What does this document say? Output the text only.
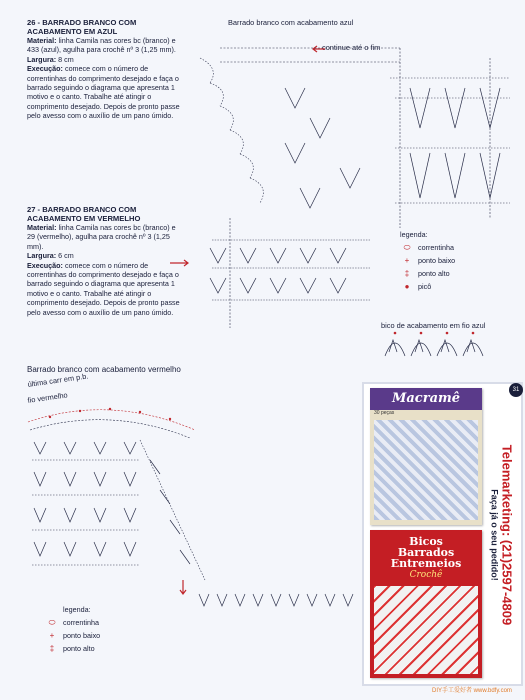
26 - BARRADO BRANCO COM
ACABAMENTO EM AZUL
Material: linha Camila nas cores bc (branco) e 433 (azul), agulha para crochê nº 3 (1,25 mm).
Largura: 8 cm
Execução: comece com o número de correntinhas do comprimento desejado e faça o barrado seguindo o diagrama que apresenta 1 motivo e o canto. Trabalhe até atingir o comprimento desejado. Depois de pronto passe pelo avesso com o auxílio de um pano úmido.
27 - BARRADO BRANCO COM
ACABAMENTO EM VERMELHO
Material: linha Camila nas cores bc (branco) e 29 (vermelho), agulha para crochê nº 3 (1,25 mm).
Largura: 6 cm
Execução: comece com o número de correntinhas do comprimento desejado e faça o barrado seguindo o diagrama que apresenta 1 motivo e o canto. Trabalhe até atingir o comprimento desejado. Depois de pronto passe pelo avesso com o auxílio de um pano úmido.
Barrado branco com acabamento azul
continue até o fim
legenda:
⬭	correntinha
+	ponto baixo
‡	ponto alto
●	picô
bico de acabamento em fio azul
Barrado branco com acabamento vermelho
última carr em p.b.
fio vermelho
legenda:
⬭	correntinha
+	ponto baixo
‡	ponto alto
Macramê
30 peças
Bicos
Barrados
Entremeios
Crochê	Telemarketing: (21)2597-4809
Faça já o seu pedido!
31
DIY手工爱好者 www.bdfy.com
